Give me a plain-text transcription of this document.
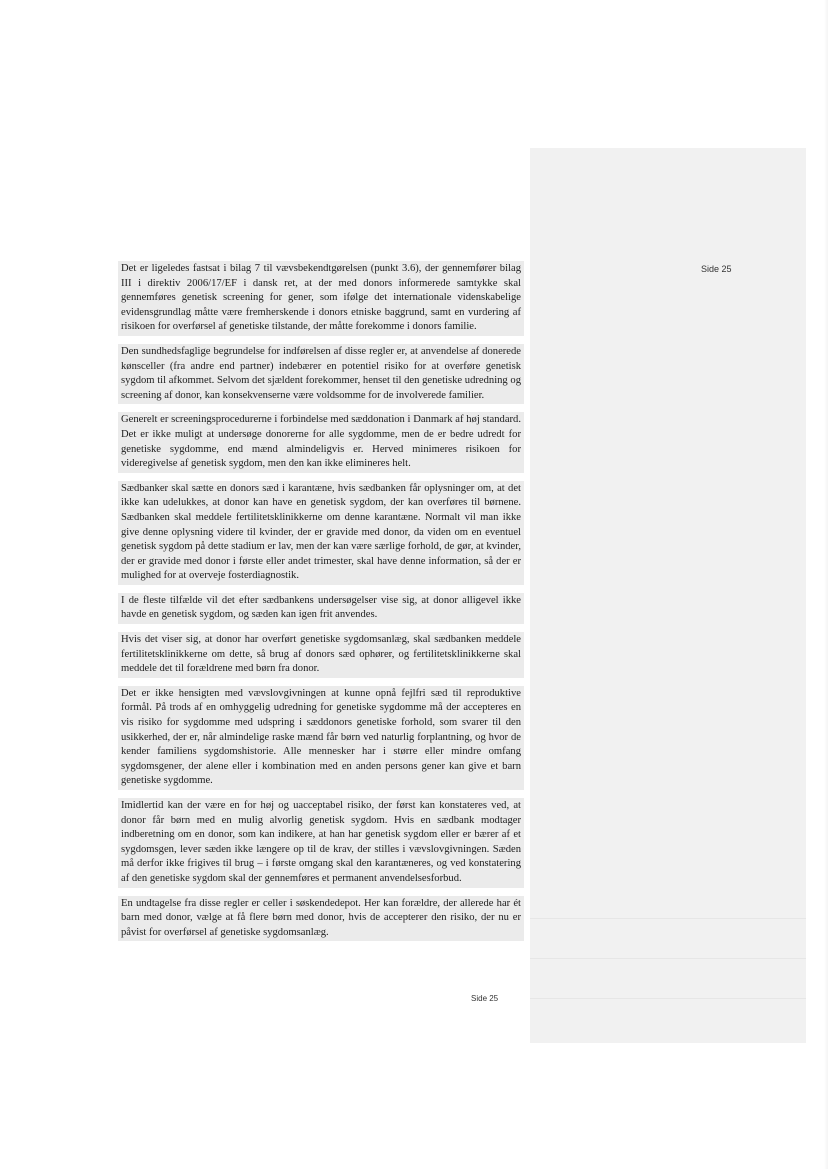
Side 25

Det er ligeledes fastsat i bilag 7 til vævsbekendtgørelsen (punkt 3.6), der gennemfører bilag III i direktiv 2006/17/EF i dansk ret, at der med donors informerede samtykke skal gennemføres genetisk screening for gener, som ifølge det internationale videnskabelige evidensgrundlag måtte være fremherskende i donors etniske baggrund, samt en vurdering af risikoen for overførsel af genetiske tilstande, der måtte forekomme i donors familie.

Den sundhedsfaglige begrundelse for indførelsen af disse regler er, at anvendelse af donerede kønsceller (fra andre end partner) indebærer en potentiel risiko for at overføre genetisk sygdom til afkommet. Selvom det sjældent forekommer, henset til den genetiske udredning og screening af donor, kan konsekvenserne være voldsomme for de involverede familier.

Generelt er screeningsprocedurerne i forbindelse med sæddonation i Danmark af høj standard. Det er ikke muligt at undersøge donorerne for alle sygdomme, men de er bedre udredt for genetiske sygdomme, end mænd almindeligvis er. Herved minimeres risikoen for videregivelse af genetisk sygdom, men den kan ikke elimineres helt.

Sædbanker skal sætte en donors sæd i karantæne, hvis sædbanken får oplysninger om, at det ikke kan udelukkes, at donor kan have en genetisk sygdom, der kan overføres til børnene. Sædbanken skal meddele fertilitetsklinikkerne om denne karantæne. Normalt vil man ikke give denne oplysning videre til kvinder, der er gravide med donor, da viden om en eventuel genetisk sygdom på dette stadium er lav, men der kan være særlige forhold, de gør, at kvinder, der er gravide med donor i første eller andet trimester, skal have denne information, så der er mulighed for at overveje fosterdiagnostik.

I de fleste tilfælde vil det efter sædbankens undersøgelser vise sig, at donor alligevel ikke havde en genetisk sygdom, og sæden kan igen frit anvendes.

Hvis det viser sig, at donor har overført genetiske sygdomsanlæg, skal sædbanken meddele fertilitetsklinikkerne om dette, så brug af donors sæd ophører, og fertilitetsklinikkerne skal meddele det til forældrene med børn fra donor.

Det er ikke hensigten med vævslovgivningen at kunne opnå fejlfri sæd til reproduktive formål. På trods af en omhyggelig udredning for genetiske sygdomme må der accepteres en vis risiko for sygdomme med udspring i sæddonors genetiske forhold, som svarer til den usikkerhed, der er, når almindelige raske mænd får børn ved naturlig forplantning, og hvor de kender familiens sygdomshistorie. Alle mennesker har i større eller mindre omfang sygdomsgener, der alene eller i kombination med en anden persons gener kan give et barn genetiske sygdomme.

Imidlertid kan der være en for høj og uacceptabel risiko, der først kan konstateres ved, at donor får børn med en mulig alvorlig genetisk sygdom. Hvis en sædbank modtager indberetning om en donor, som kan indikere, at han har genetisk sygdom eller er bærer af et sygdomsgen, lever sæden ikke længere op til de krav, der stilles i vævslovgivningen. Sæden må derfor ikke frigives til brug – i første omgang skal den karantæneres, og ved konstatering af den genetiske sygdom skal der gennemføres et permanent anvendelsesforbud.

En undtagelse fra disse regler er celler i søskendedepot. Her kan forældre, der allerede har ét barn med donor, vælge at få flere børn med donor, hvis de accepterer den risiko, der nu er påvist for overførsel af genetiske sygdomsanlæg.

Side 25
